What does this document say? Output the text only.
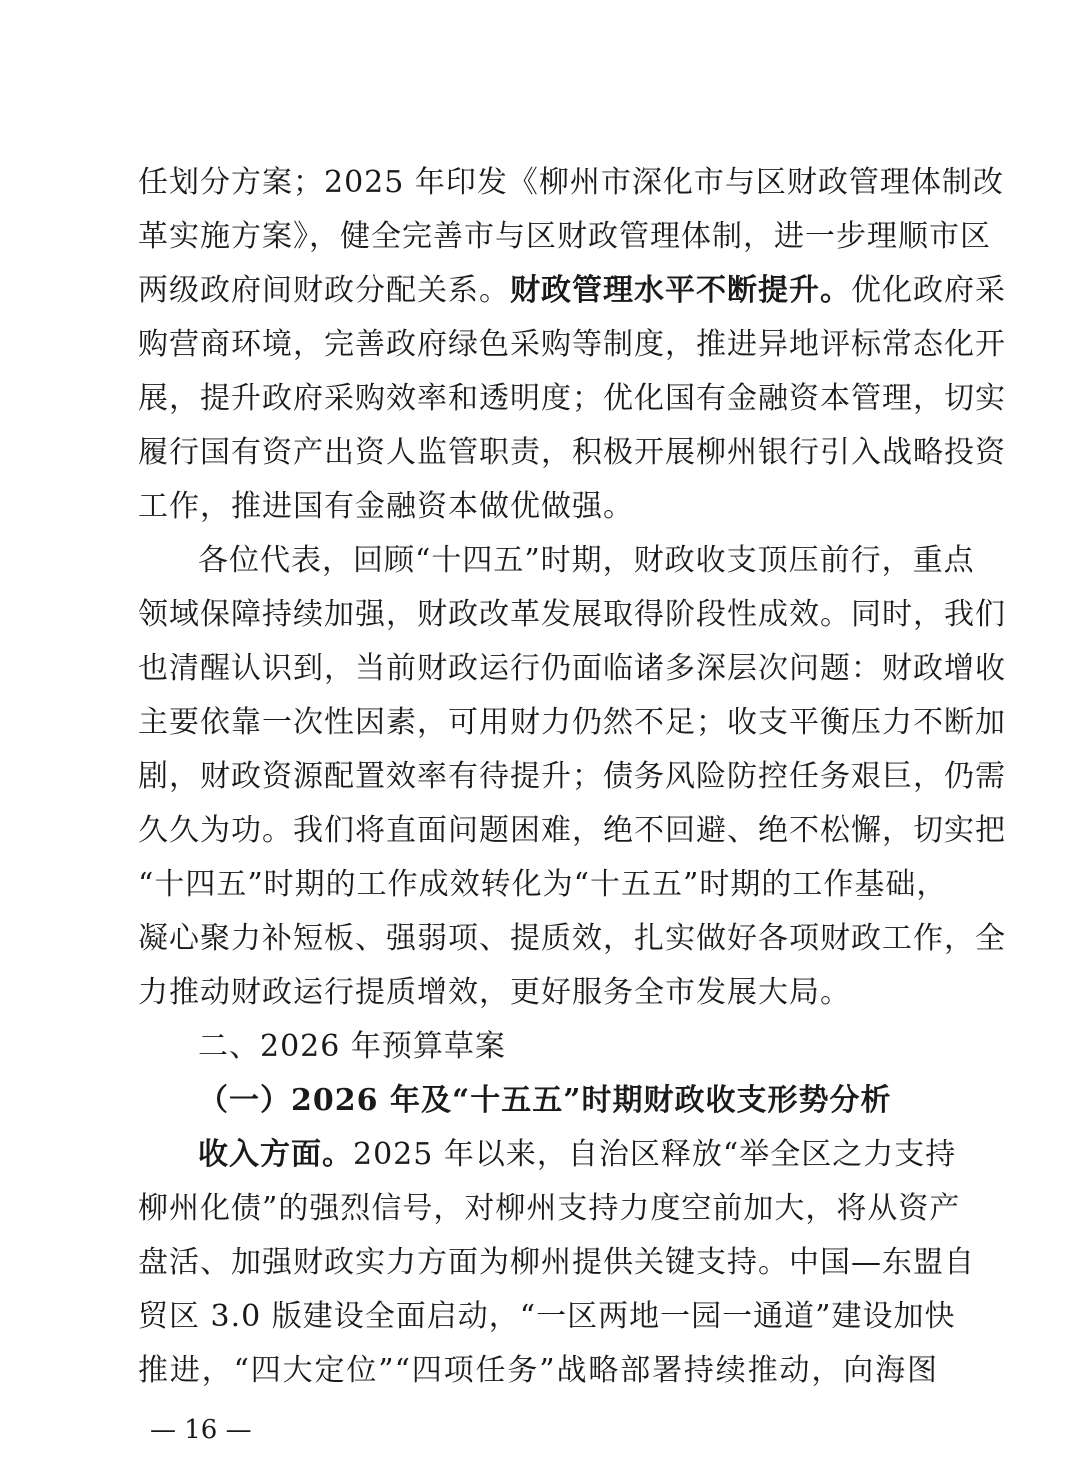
任划分方案；2025 年印发《柳州市深化市与区财政管理体制改
革实施方案》，健全完善市与区财政管理体制，进一步理顺市区
两级政府间财政分配关系。财政管理水平不断提升。优化政府采
购营商环境，完善政府绿色采购等制度，推进异地评标常态化开
展，提升政府采购效率和透明度；优化国有金融资本管理，切实
履行国有资产出资人监管职责，积极开展柳州银行引入战略投资
工作，推进国有金融资本做优做强。
各位代表，回顾“十四五”时期，财政收支顶压前行，重点
领域保障持续加强，财政改革发展取得阶段性成效。同时，我们
也清醒认识到，当前财政运行仍面临诸多深层次问题：财政增收
主要依靠一次性因素，可用财力仍然不足；收支平衡压力不断加
剧，财政资源配置效率有待提升；债务风险防控任务艰巨，仍需
久久为功。我们将直面问题困难，绝不回避、绝不松懈，切实把
“十四五”时期的工作成效转化为“十五五”时期的工作基础，
凝心聚力补短板、强弱项、提质效，扎实做好各项财政工作，全
力推动财政运行提质增效，更好服务全市发展大局。
二、2026 年预算草案
（一）2026 年及“十五五”时期财政收支形势分析
收入方面。2025 年以来，自治区释放“举全区之力支持
柳州化债”的强烈信号，对柳州支持力度空前加大，将从资产
盘活、加强财政实力方面为柳州提供关键支持。中国—东盟自
贸区 3.0 版建设全面启动，“一区两地一园一通道”建设加快
推进，“四大定位”“四项任务”战略部署持续推动，向海图
— 16 —
